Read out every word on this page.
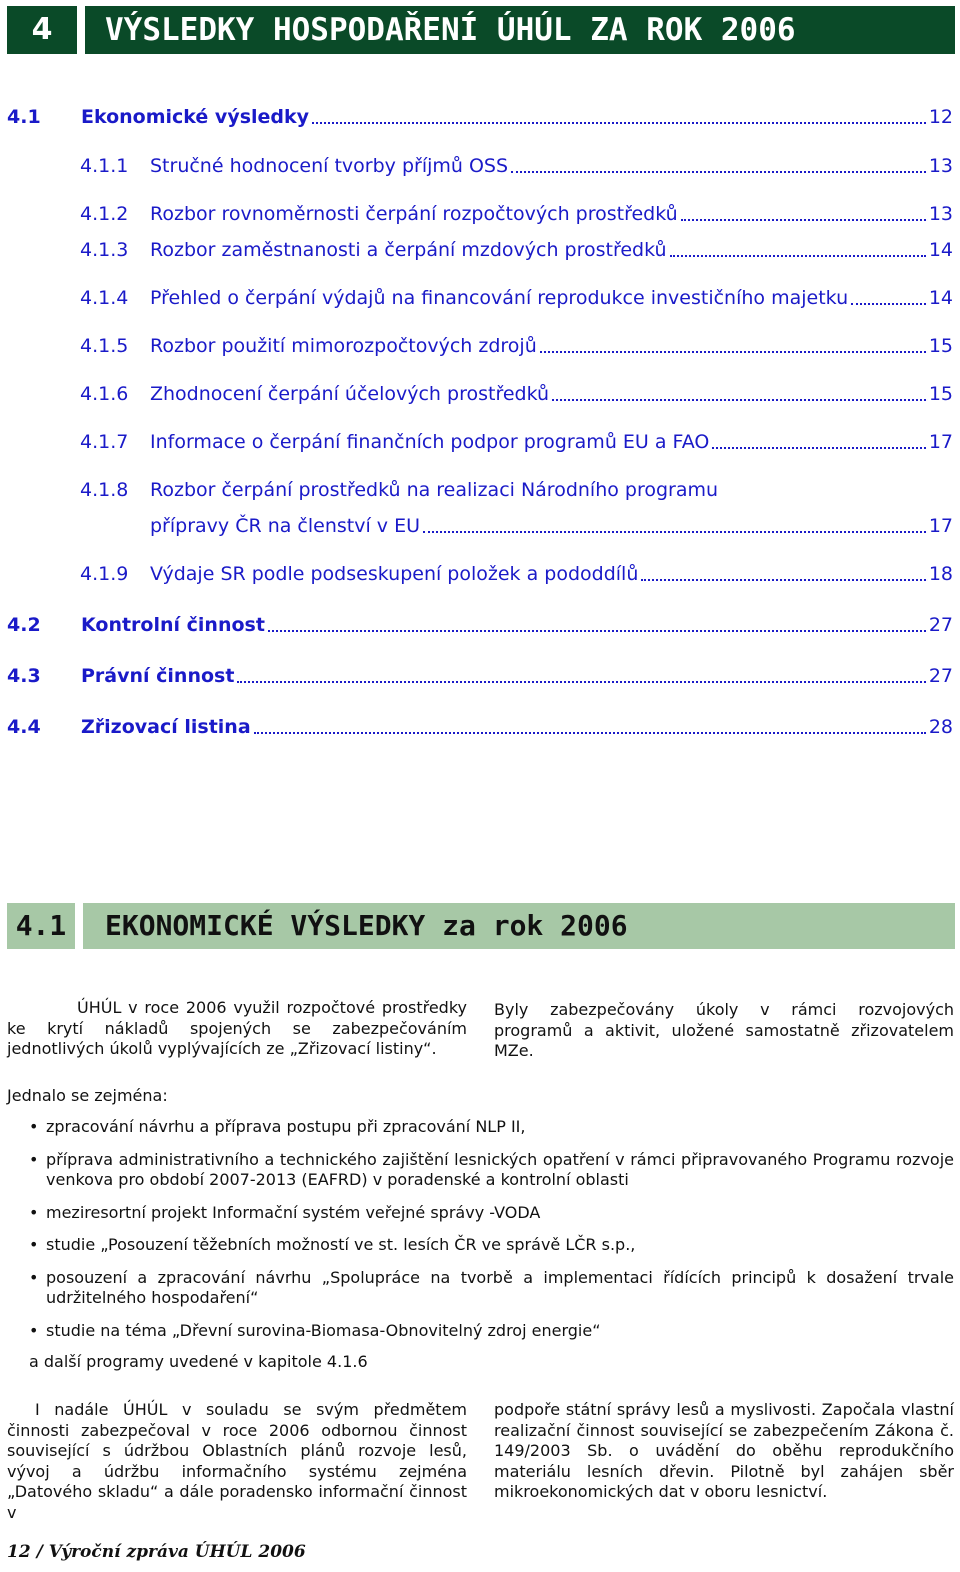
4	VÝSLEDKY HOSPODAŘENÍ ÚHÚL ZA ROK 2006
4.1 Ekonomické výsledky	12
4.1.1 Stručné hodnocení tvorby příjmů OSS	13
4.1.2 Rozbor rovnoměrnosti čerpání rozpočtových prostředků	13
4.1.3 Rozbor zaměstnanosti a čerpání mzdových prostředků	14
4.1.4 Přehled o čerpání výdajů na financování reprodukce investičního majetku	14
4.1.5 Rozbor použití mimorozpočtových zdrojů	15
4.1.6 Zhodnocení čerpání účelových prostředků	15
4.1.7 Informace o čerpání finančních podpor programů EU a FAO	17
4.1.8 Rozbor čerpání prostředků na realizaci Národního programu
přípravy ČR na členství v EU	17
4.1.9 Výdaje SR podle podseskupení položek a pododdílů	18
4.2 Kontrolní činnost	27
4.3 Právní činnost	27
4.4 Zřizovací listina	28
4.1	EKONOMICKÉ VÝSLEDKY za rok 2006

ÚHÚL v roce 2006 využil rozpočtové prostředky ke krytí nákladů spojených se zabezpečováním jednotlivých úkolů vyplývajících ze „Zřizovací listiny“.

Byly zabezpečovány úkoly v rámci rozvojových programů a aktivit, uložené samostatně zřizovatelem MZe.

Jednalo se zejména:
• zpracování návrhu a příprava postupu při zpracování NLP II,
• příprava administrativního a technického zajištění lesnických opatření v rámci připravovaného Programu rozvoje venkova pro období 2007-2013 (EAFRD) v poradenské a kontrolní oblasti
• meziresortní projekt Informační systém veřejné správy -VODA
• studie „Posouzení těžebních možností ve st. lesích ČR ve správě LČR s.p.,
• posouzení a zpracování návrhu „Spolupráce na tvorbě a implementaci řídících principů k dosažení trvale udržitelného hospodaření“
• studie na téma „Dřevní surovina-Biomasa-Obnovitelný zdroj energie“
a další programy uvedené v kapitole 4.1.6

I nadále ÚHÚL v souladu se svým předmětem činnosti zabezpečoval v roce 2006 odbornou činnost související s údržbou Oblastních plánů rozvoje lesů, vývoj a údržbu informačního systému zejména „Datového skladu“ a dále poradensko informační činnost v

podpoře státní správy lesů a myslivosti. Započala vlastní realizační činnost související se zabezpečením Zákona č. 149/2003 Sb. o uvádění do oběhu reprodukčního materiálu lesních dřevin. Pilotně byl zahájen sběr mikroekonomických dat v oboru lesnictví.

12 / Výroční zpráva ÚHÚL 2006
